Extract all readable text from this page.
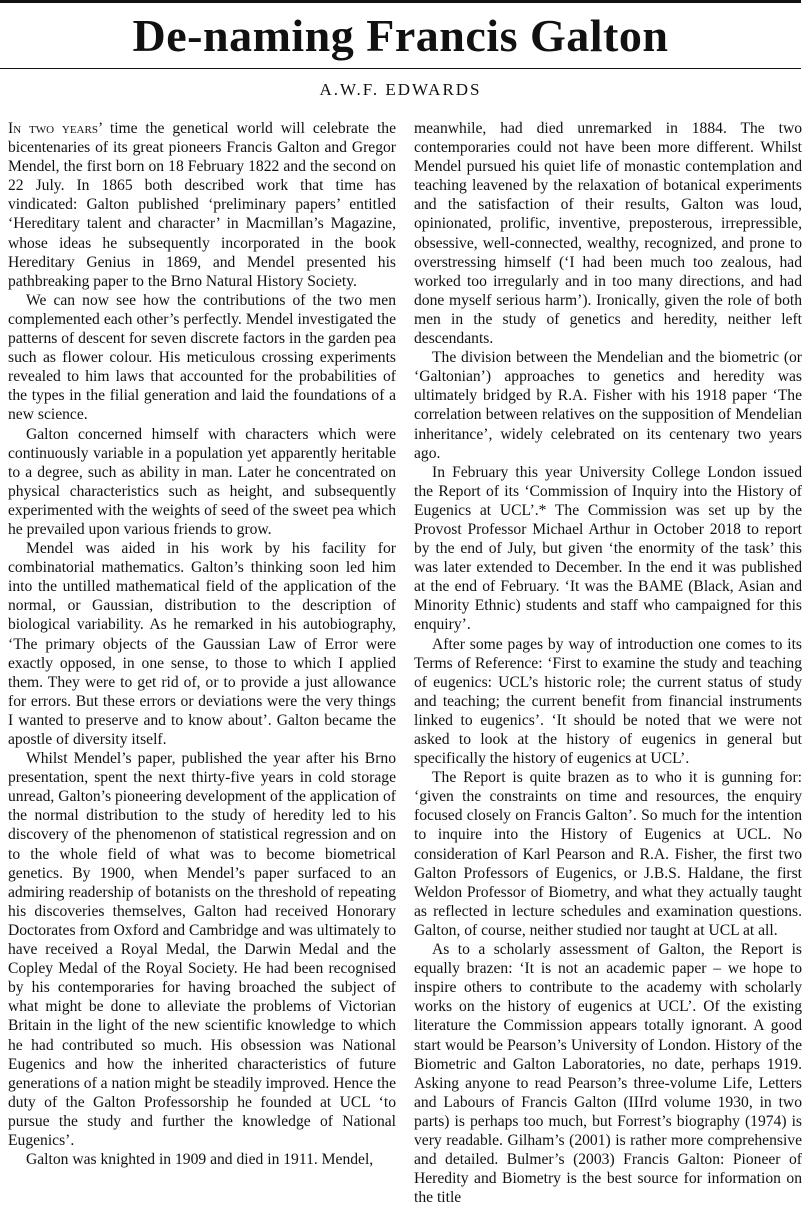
De-naming Francis Galton
A.W.F. EDWARDS

In two years’ time the genetical world will celebrate the bicentenaries of its great pioneers Francis Galton and Gregor Mendel, the first born on 18 February 1822 and the second on 22 July. In 1865 both described work that time has vindicated: Galton published ‘preliminary papers’ entitled ‘Hereditary talent and character’ in Macmillan’s Magazine, whose ideas he subsequently incorporated in the book Hereditary Genius in 1869, and Mendel presented his pathbreaking paper to the Brno Natural History Society.

We can now see how the contributions of the two men complemented each other’s perfectly. Mendel investigated the patterns of descent for seven discrete factors in the garden pea such as flower colour. His meticulous crossing experiments revealed to him laws that accounted for the probabilities of the types in the filial generation and laid the foundations of a new science.

Galton concerned himself with characters which were continuously variable in a population yet apparently heritable to a degree, such as ability in man. Later he concentrated on physical characteristics such as height, and subsequently experimented with the weights of seed of the sweet pea which he prevailed upon various friends to grow.

Mendel was aided in his work by his facility for combinatorial mathematics. Galton’s thinking soon led him into the untilled mathematical field of the application of the normal, or Gaussian, distribution to the description of biological variability. As he remarked in his autobiography, ‘The primary objects of the Gaussian Law of Error were exactly opposed, in one sense, to those to which I applied them. They were to get rid of, or to provide a just allowance for errors. But these errors or deviations were the very things I wanted to preserve and to know about’. Galton became the apostle of diversity itself.

Whilst Mendel’s paper, published the year after his Brno presentation, spent the next thirty-five years in cold storage unread, Galton’s pioneering development of the application of the normal distribution to the study of heredity led to his discovery of the phenomenon of statistical regression and on to the whole field of what was to become biometrical genetics. By 1900, when Mendel’s paper surfaced to an admiring readership of botanists on the threshold of repeating his discoveries themselves, Galton had received Honorary Doctorates from Oxford and Cambridge and was ultimately to have received a Royal Medal, the Darwin Medal and the Copley Medal of the Royal Society. He had been recognised by his contemporaries for having broached the subject of what might be done to alleviate the problems of Victorian Britain in the light of the new scientific knowledge to which he had contributed so much. His obsession was National Eugenics and how the inherited characteristics of future generations of a nation might be steadily improved. Hence the duty of the Galton Professorship he founded at UCL ‘to pursue the study and further the knowledge of National Eugenics’.

Galton was knighted in 1909 and died in 1911. Mendel,

meanwhile, had died unremarked in 1884. The two contemporaries could not have been more different. Whilst Mendel pursued his quiet life of monastic contemplation and teaching leavened by the relaxation of botanical experiments and the satisfaction of their results, Galton was loud, opinionated, prolific, inventive, preposterous, irrepressible, obsessive, well-connected, wealthy, recognized, and prone to overstressing himself (‘I had been much too zealous, had worked too irregularly and in too many directions, and had done myself serious harm’). Ironically, given the role of both men in the study of genetics and heredity, neither left descendants.

The division between the Mendelian and the biometric (or ‘Galtonian’) approaches to genetics and heredity was ultimately bridged by R.A. Fisher with his 1918 paper ‘The correlation between relatives on the supposition of Mendelian inheritance’, widely celebrated on its centenary two years ago.

In February this year University College London issued the Report of its ‘Commission of Inquiry into the History of Eugenics at UCL’.* The Commission was set up by the Provost Professor Michael Arthur in October 2018 to report by the end of July, but given ‘the enormity of the task’ this was later extended to December. In the end it was published at the end of February. ‘It was the BAME (Black, Asian and Minority Ethnic) students and staff who campaigned for this enquiry’.

After some pages by way of introduction one comes to its Terms of Reference: ‘First to examine the study and teaching of eugenics: UCL’s historic role; the current status of study and teaching; the current benefit from financial instruments linked to eugenics’. ‘It should be noted that we were not asked to look at the history of eugenics in general but specifically the history of eugenics at UCL’.

The Report is quite brazen as to who it is gunning for: ‘given the constraints on time and resources, the enquiry focused closely on Francis Galton’. So much for the intention to inquire into the History of Eugenics at UCL. No consideration of Karl Pearson and R.A. Fisher, the first two Galton Professors of Eugenics, or J.B.S. Haldane, the first Weldon Professor of Biometry, and what they actually taught as reflected in lecture schedules and examination questions. Galton, of course, neither studied nor taught at UCL at all.

As to a scholarly assessment of Galton, the Report is equally brazen: ‘It is not an academic paper – we hope to inspire others to contribute to the academy with scholarly works on the history of eugenics at UCL’. Of the existing literature the Commission appears totally ignorant. A good start would be Pearson’s University of London. History of the Biometric and Galton Laboratories, no date, perhaps 1919. Asking anyone to read Pearson’s three-volume Life, Letters and Labours of Francis Galton (IIIrd volume 1930, in two parts) is perhaps too much, but Forrest’s biography (1974) is very readable. Gilham’s (2001) is rather more comprehensive and detailed. Bulmer’s (2003) Francis Galton: Pioneer of Heredity and Biometry is the best source for information on the title
